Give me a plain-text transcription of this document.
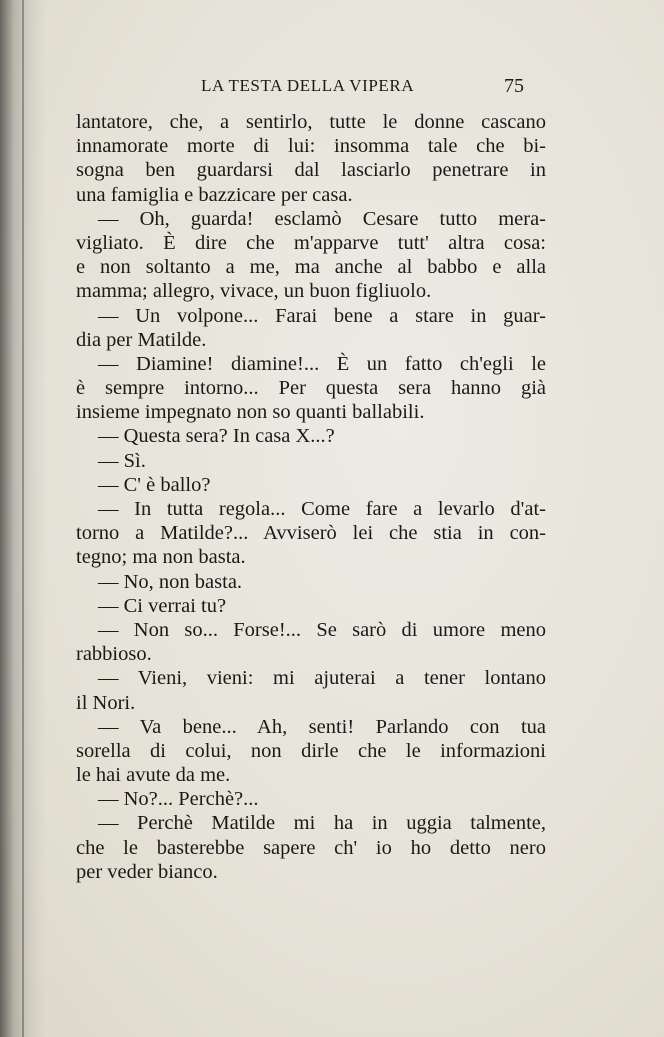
LA TESTA DELLA VIPERA	75
lantatore, che, a sentirlo, tutte le donne cascano
innamorate morte di lui: insomma tale che bi-
sogna ben guardarsi dal lasciarlo penetrare in
una famiglia e bazzicare per casa.
— Oh, guarda! esclamò Cesare tutto mera-
vigliato. È dire che m'apparve tutt' altra cosa:
e non soltanto a me, ma anche al babbo e alla
mamma; allegro, vivace, un buon figliuolo.
— Un volpone... Farai bene a stare in guar-
dia per Matilde.
— Diamine! diamine!... È un fatto ch'egli le
è sempre intorno... Per questa sera hanno già
insieme impegnato non so quanti ballabili.
— Questa sera? In casa X...?
— Sì.
— C' è ballo?
— In tutta regola... Come fare a levarlo d'at-
torno a Matilde?... Avviserò lei che stia in con-
tegno; ma non basta.
— No, non basta.
— Ci verrai tu?
— Non so... Forse!... Se sarò di umore meno
rabbioso.
— Vieni, vieni: mi ajuterai a tener lontano
il Nori.
— Va bene... Ah, senti! Parlando con tua
sorella di colui, non dirle che le informazioni
le hai avute da me.
— No?... Perchè?...
— Perchè Matilde mi ha in uggia talmente,
che le basterebbe sapere ch' io ho detto nero
per veder bianco.
